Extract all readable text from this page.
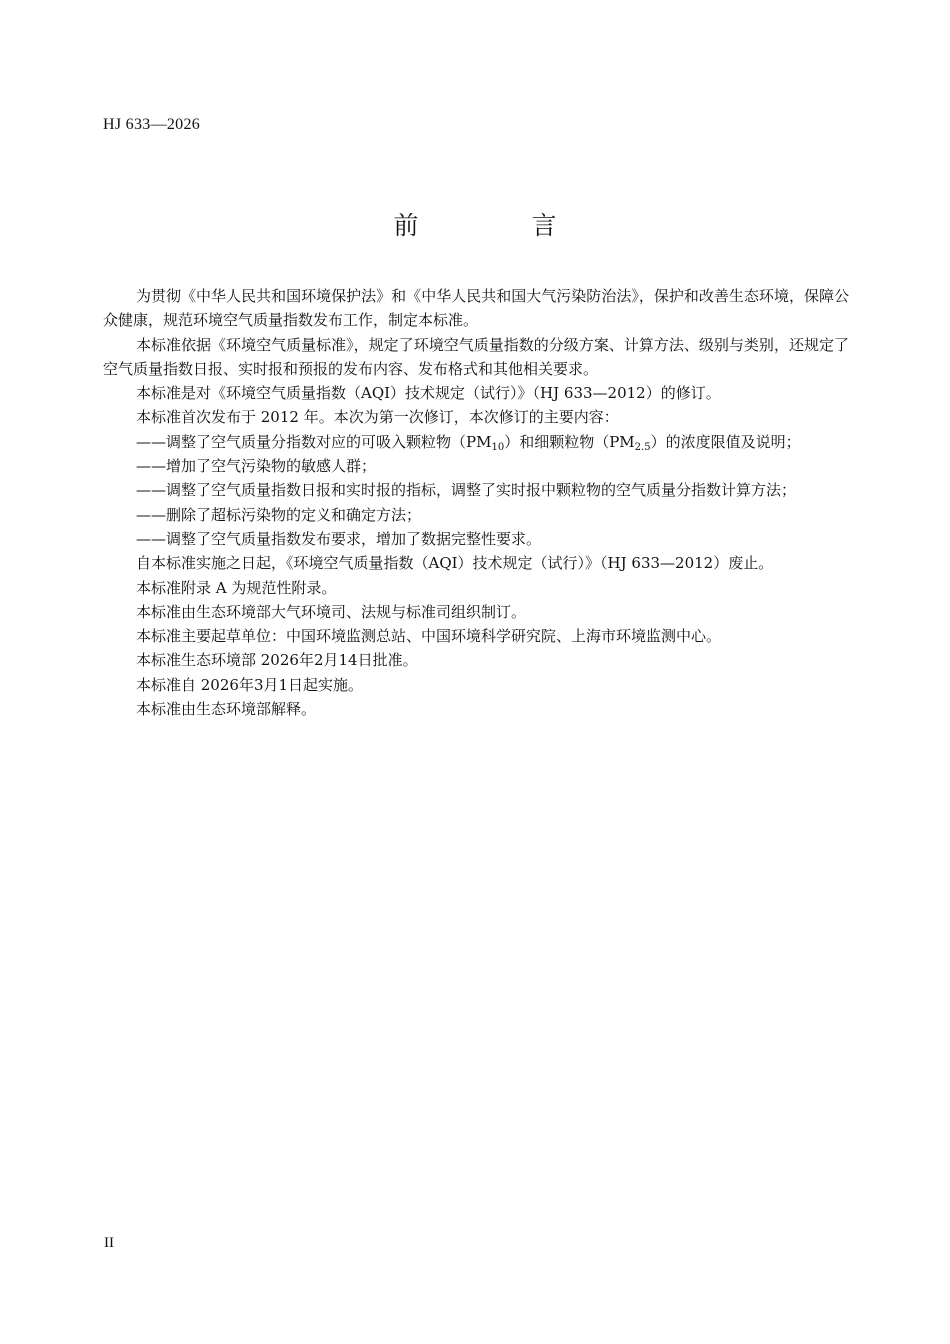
HJ 633—2026
前　言

为贯彻《中华人民共和国环境保护法》和《中华人民共和国大气污染防治法》，保护和改善生态环境，保障公众健康，规范环境空气质量指数发布工作，制定本标准。

本标准依据《环境空气质量标准》，规定了环境空气质量指数的分级方案、计算方法、级别与类别，还规定了空气质量指数日报、实时报和预报的发布内容、发布格式和其他相关要求。

本标准是对《环境空气质量指数（AQI）技术规定（试行）》（HJ 633—2012）的修订。

本标准首次发布于 2012 年。本次为第一次修订，本次修订的主要内容：

——调整了空气质量分指数对应的可吸入颗粒物$(PM_{10})$和细颗粒物$(PM_{2.5})$的浓度限值及说明；

——增加了空气污染物的敏感人群；

——调整了空气质量指数日报和实时报的指标，调整了实时报中颗粒物的空气质量分指数计算方法；

——删除了超标污染物的定义和确定方法；

——调整了空气质量指数发布要求，增加了数据完整性要求。

自本标准实施之日起，《环境空气质量指数（AQI）技术规定（试行）》（HJ 633—2012）废止。

本标准附录 A 为规范性附录。

本标准由生态环境部大气环境司、法规与标准司组织制订。

本标准主要起草单位：中国环境监测总站、中国环境科学研究院、上海市环境监测中心。

本标准生态环境部 2026年2月14日批准。

本标准自 2026年3月1日起实施。

本标准由生态环境部解释。

II
